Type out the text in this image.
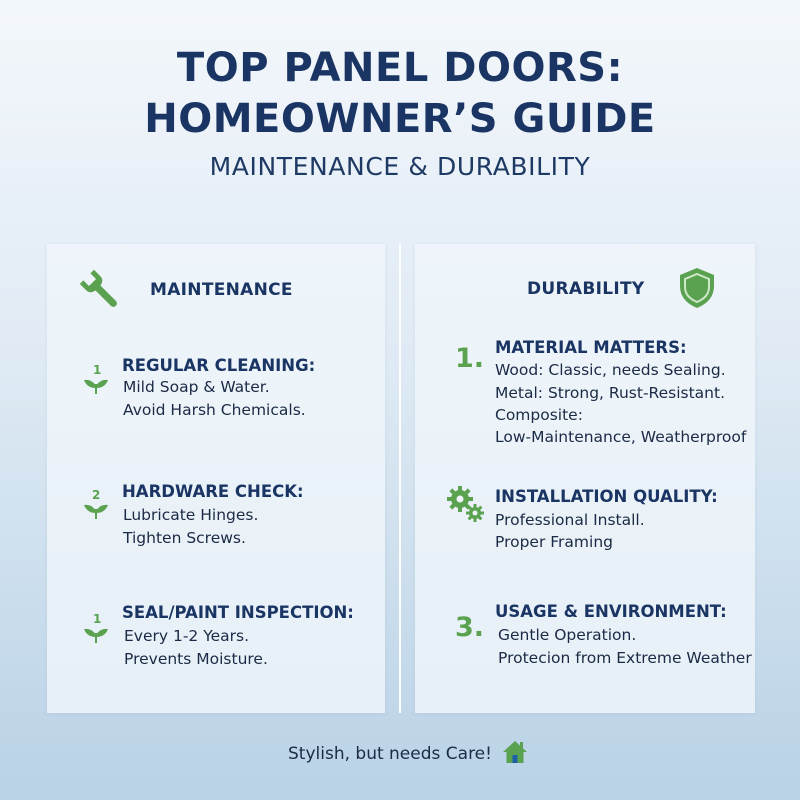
TOP PANEL DOORS:
HOMEOWNER’S GUIDE
MAINTENANCE & DURABILITY
MAINTENANCE
1 REGULAR CLEANING:
Mild Soap & Water.
Avoid Harsh Chemicals.
2 HARDWARE CHECK:
Lubricate Hinges.
Tighten Screws.
1 SEAL/PAINT INSPECTION:
Every 1-2 Years.
Prevents Moisture.
DURABILITY
1. MATERIAL MATTERS:
Wood: Classic, needs Sealing.
Metal: Strong, Rust-Resistant.
Composite:
Low-Maintenance, Weatherproof
INSTALLATION QUALITY:
Professional Install.
Proper Framing
3.
USAGE & ENVIRONMENT:
Gentle Operation.
Protecion from Extreme Weather
Stylish, but needs Care!
